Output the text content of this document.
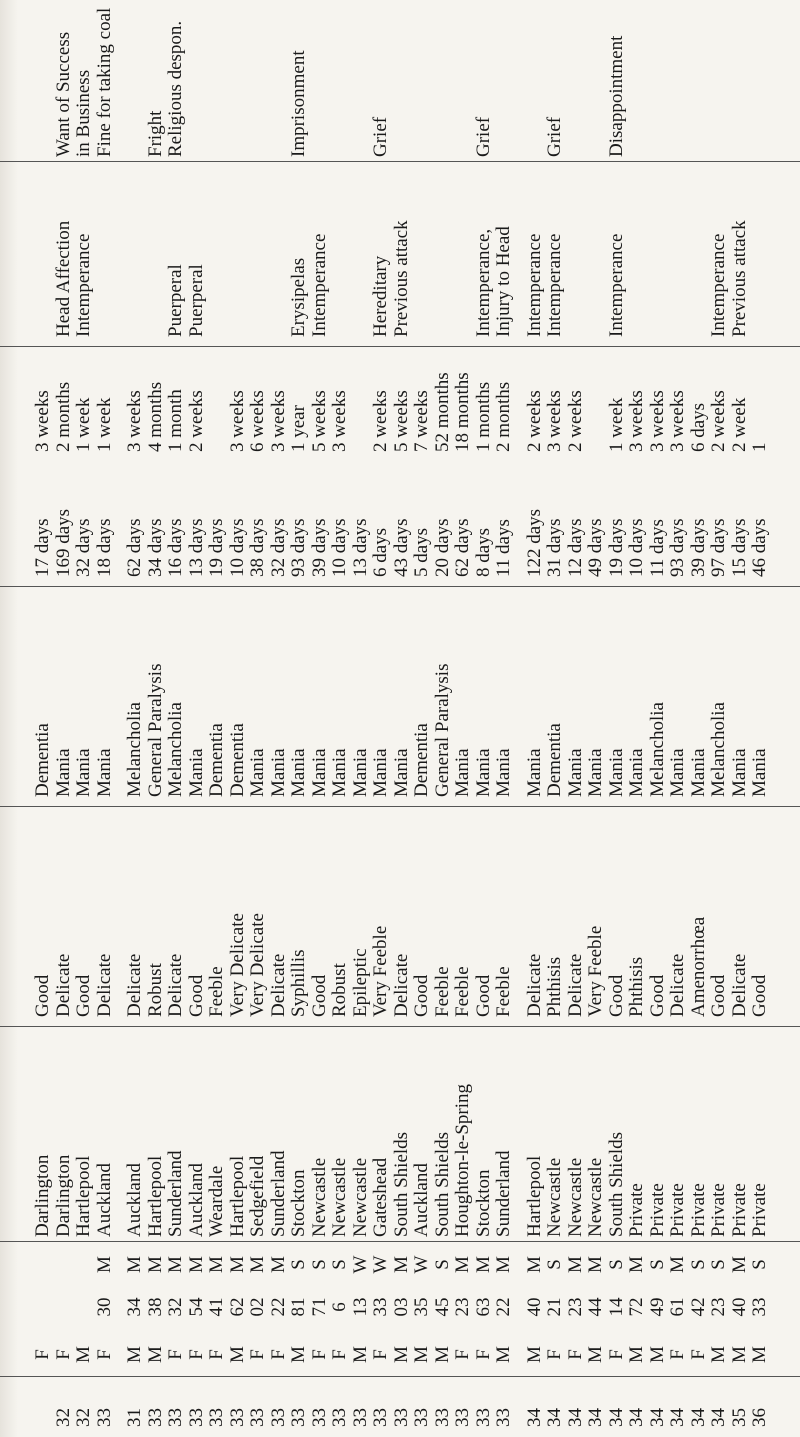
F
Darlington
Good
Dementia
17 days
3 weeks
32
F
Darlington
Delicate
Mania
169 days
2 months
Head Affection
Want of Success
32
M
Hartlepool
Good
Mania
32 days
1 week
Intemperance
in Business
33
F
30
M
Auckland
Delicate
Mania
18 days
1 week
Fine for taking coal
31
M
34
M
Auckland
Delicate
Melancholia
62 days
3 weeks
33
M
38
M
Hartlepool
Robust
General Paralysis
34 days
4 months
Fright
33
F
32
M
Sunderland
Delicate
Melancholia
16 days
1 month
Puerperal
Religious despon.
33
F
54
M
Auckland
Good
Mania
13 days
2 weeks
Puerperal
33
F
41
M
Weardale
Feeble
Dementia
19 days
33
M
62
M
Hartlepool
Very Delicate
Dementia
10 days
3 weeks
33
F
02
M
Sedgefield
Very Delicate
Mania
38 days
6 weeks
33
F
22
M
Sunderland
Delicate
Mania
32 days
3 weeks
33
M
81
S
Stockton
Syphillis
Mania
93 days
1 year
Erysipelas
Imprisonment
33
F
71
S
Newcastle
Good
Mania
39 days
5 weeks
Intemperance
33
F
6
S
Newcastle
Robust
Mania
10 days
3 weeks
33
M
13
W
Newcastle
Epileptic
Mania
13 days
33
F
33
W
Gateshead
Very Feeble
Mania
6 days
2 weeks
Hereditary
Grief
33
M
03
M
South Shields
Delicate
Mania
43 days
5 weeks
Previous attack
33
M
35
W
Auckland
Good
Dementia
5 days
7 weeks
33
M
45
S
South Shields
Feeble
General Paralysis
20 days
52 months
33
F
23
M
Houghton-le-Spring
Feeble
Mania
62 days
18 months
33
F
63
M
Stockton
Good
Mania
8 days
1 months
Intemperance,
Grief
33
M
22
M
Sunderland
Feeble
Mania
11 days
2 months
Injury to Head
34
M
40
M
Hartlepool
Delicate
Mania
122 days
2 weeks
Intemperance
34
F
21
S
Newcastle
Phthisis
Dementia
31 days
3 weeks
Intemperance
Grief
34
F
23
M
Newcastle
Delicate
Mania
12 days
2 weeks
34
M
44
M
Newcastle
Very Feeble
Mania
49 days
34
F
14
S
South Shields
Good
Mania
19 days
1 week
Intemperance
Disappointment
34
M
72
M
Private
Phthisis
Mania
10 days
3 weeks
34
M
49
S
Private
Good
Melancholia
11 days
3 weeks
34
F
61
M
Private
Delicate
Mania
93 days
3 weeks
34
F
42
S
Private
Amenorrhœa
Mania
39 days
6 days
34
M
23
S
Private
Good
Melancholia
97 days
2 weeks
Intemperance
35
M
40
M
Private
Delicate
Mania
15 days
2 week
Previous attack
36
M
33
S
Private
Good
Mania
46 days
1
